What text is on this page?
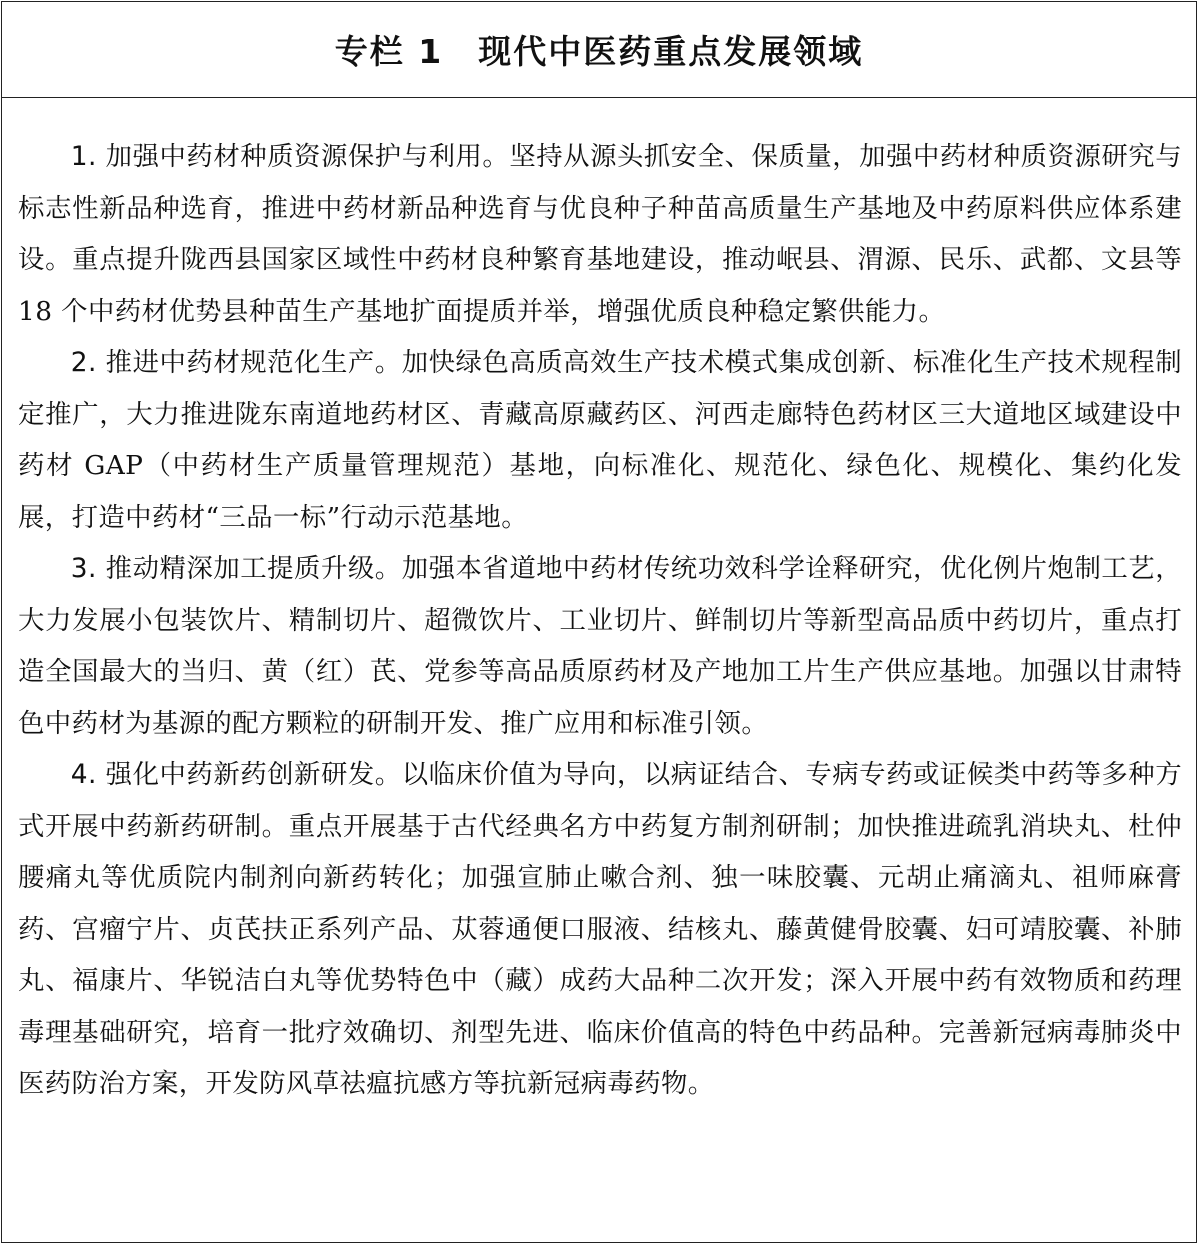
专栏 1　现代中医药重点发展领域

1. 加强中药材种质资源保护与利用。坚持从源头抓安全、保质量，加强中药材种质资源研究与标志性新品种选育，推进中药材新品种选育与优良种子种苗高质量生产基地及中药原料供应体系建设。重点提升陇西县国家区域性中药材良种繁育基地建设，推动岷县、渭源、民乐、武都、文县等 18 个中药材优势县种苗生产基地扩面提质并举，增强优质良种稳定繁供能力。

2. 推进中药材规范化生产。加快绿色高质高效生产技术模式集成创新、标准化生产技术规程制定推广，大力推进陇东南道地药材区、青藏高原藏药区、河西走廊特色药材区三大道地区域建设中药材 GAP（中药材生产质量管理规范）基地，向标准化、规范化、绿色化、规模化、集约化发展，打造中药材“三品一标”行动示范基地。

3. 推动精深加工提质升级。加强本省道地中药材传统功效科学诠释研究，优化例片炮制工艺，大力发展小包装饮片、精制切片、超微饮片、工业切片、鲜制切片等新型高品质中药切片，重点打造全国最大的当归、黄（红）芪、党参等高品质原药材及产地加工片生产供应基地。加强以甘肃特色中药材为基源的配方颗粒的研制开发、推广应用和标准引领。

4. 强化中药新药创新研发。以临床价值为导向，以病证结合、专病专药或证候类中药等多种方式开展中药新药研制。重点开展基于古代经典名方中药复方制剂研制；加快推进疏乳消块丸、杜仲腰痛丸等优质院内制剂向新药转化；加强宣肺止嗽合剂、独一味胶囊、元胡止痛滴丸、祖师麻膏药、宫瘤宁片、贞芪扶正系列产品、苁蓉通便口服液、结核丸、藤黄健骨胶囊、妇可靖胶囊、补肺丸、福康片、华锐洁白丸等优势特色中（藏）成药大品种二次开发；深入开展中药有效物质和药理毒理基础研究，培育一批疗效确切、剂型先进、临床价值高的特色中药品种。完善新冠病毒肺炎中医药防治方案，开发防风草祛瘟抗感方等抗新冠病毒药物。
